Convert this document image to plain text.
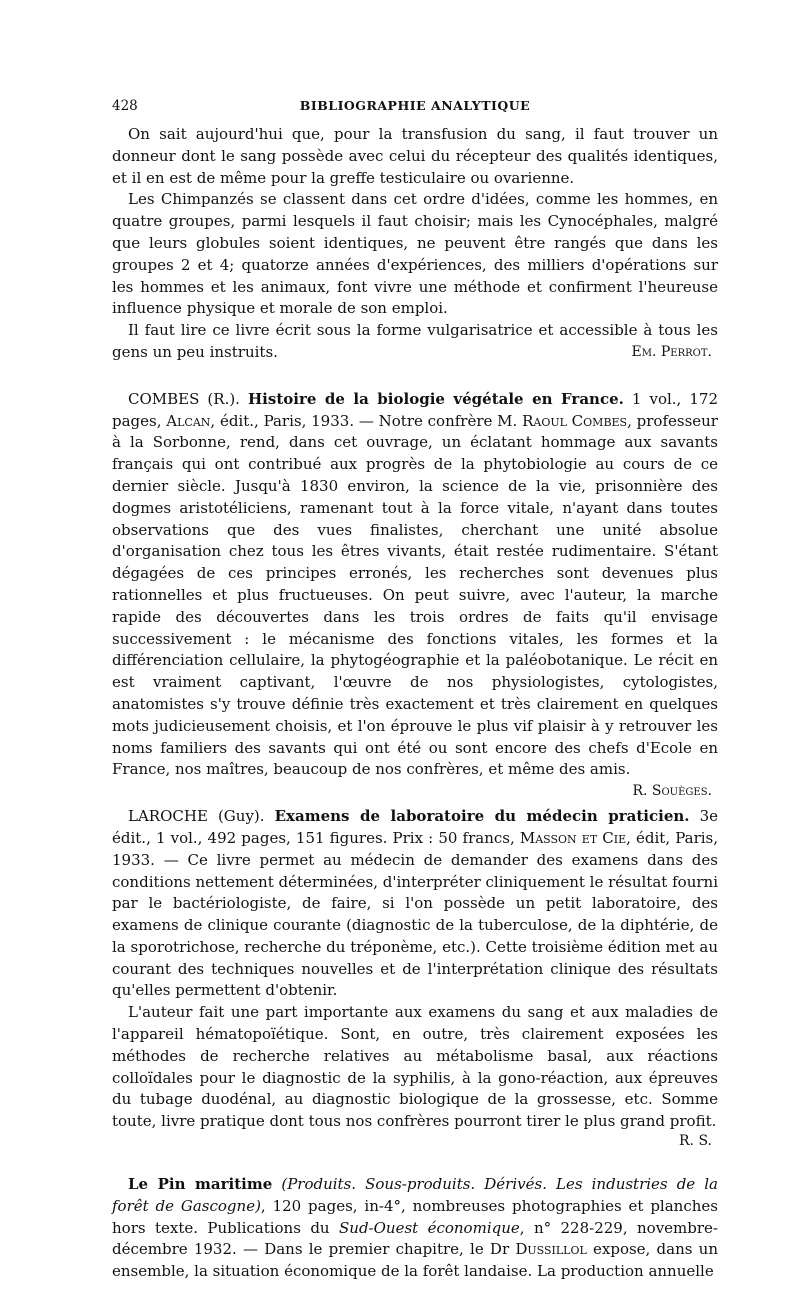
428	BIBLIOGRAPHIE ANALYTIQUE

On sait aujourd'hui que, pour la transfusion du sang, il faut trouver un donneur dont le sang possède avec celui du récepteur des qualités identiques, et il en est de même pour la greffe testiculaire ou ovarienne.

Les Chimpanzés se classent dans cet ordre d'idées, comme les hommes, en quatre groupes, parmi lesquels il faut choisir; mais les Cynocéphales, malgré que leurs globules soient identiques, ne peuvent être rangés que dans les groupes 2 et 4; quatorze années d'expériences, des milliers d'opérations sur les hommes et les animaux, font vivre une méthode et confirment l'heureuse influence physique et morale de son emploi.

Il faut lire ce livre écrit sous la forme vulgarisatrice et accessible à tous les gens un peu instruits.	Em. Perrot.

COMBES (R.). Histoire de la biologie végétale en France. 1 vol., 172 pages, Alcan, édit., Paris, 1933. — Notre confrère M. Raoul Combes, professeur à la Sorbonne, rend, dans cet ouvrage, un éclatant hommage aux savants français qui ont contribué aux progrès de la phytobiologie au cours de ce dernier siècle. Jusqu'à 1830 environ, la science de la vie, prisonnière des dogmes aristotéliciens, ramenant tout à la force vitale, n'ayant dans toutes observations que des vues finalistes, cherchant une unité absolue d'organisation chez tous les êtres vivants, était restée rudimentaire. S'étant dégagées de ces principes erronés, les recherches sont devenues plus rationnelles et plus fructueuses. On peut suivre, avec l'auteur, la marche rapide des découvertes dans les trois ordres de faits qu'il envisage successivement : le mécanisme des fonctions vitales, les formes et la différenciation cellulaire, la phytogéographie et la paléobotanique. Le récit en est vraiment captivant, l'œuvre de nos physiologistes, cytologistes, anatomistes s'y trouve définie très exactement et très clairement en quelques mots judicieusement choisis, et l'on éprouve le plus vif plaisir à y retrouver les noms familiers des savants qui ont été ou sont encore des chefs d'Ecole en France, nos maîtres, beaucoup de nos confrères, et même des amis.
R. Souèges.

LAROCHE (Guy). Examens de laboratoire du médecin praticien. 3e édit., 1 vol., 492 pages, 151 figures. Prix : 50 francs, Masson et Cie, édit, Paris, 1933. — Ce livre permet au médecin de demander des examens dans des conditions nettement déterminées, d'interpréter cliniquement le résultat fourni par le bactériologiste, de faire, si l'on possède un petit laboratoire, des examens de clinique courante (diagnostic de la tuberculose, de la diphtérie, de la sporotrichose, recherche du tréponème, etc.). Cette troisième édition met au courant des techniques nouvelles et de l'interprétation clinique des résultats qu'elles permettent d'obtenir.

L'auteur fait une part importante aux examens du sang et aux maladies de l'appareil hématopoïétique. Sont, en outre, très clairement exposées les méthodes de recherche relatives au métabolisme basal, aux réactions colloïdales pour le diagnostic de la syphilis, à la gono-réaction, aux épreuves du tubage duodénal, au diagnostic biologique de la grossesse, etc. Somme toute, livre pratique dont tous nos confrères pourront tirer le plus grand profit.

R. S.

Le Pin maritime (Produits. Sous-produits. Dérivés. Les industries de la forêt de Gascogne), 120 pages, in-4°, nombreuses photographies et planches hors texte. Publications du Sud-Ouest économique, n° 228-229, novembre-décembre 1932. — Dans le premier chapitre, le Dr Dussillol expose, dans un ensemble, la situation économique de la forêt landaise. La production annuelle
